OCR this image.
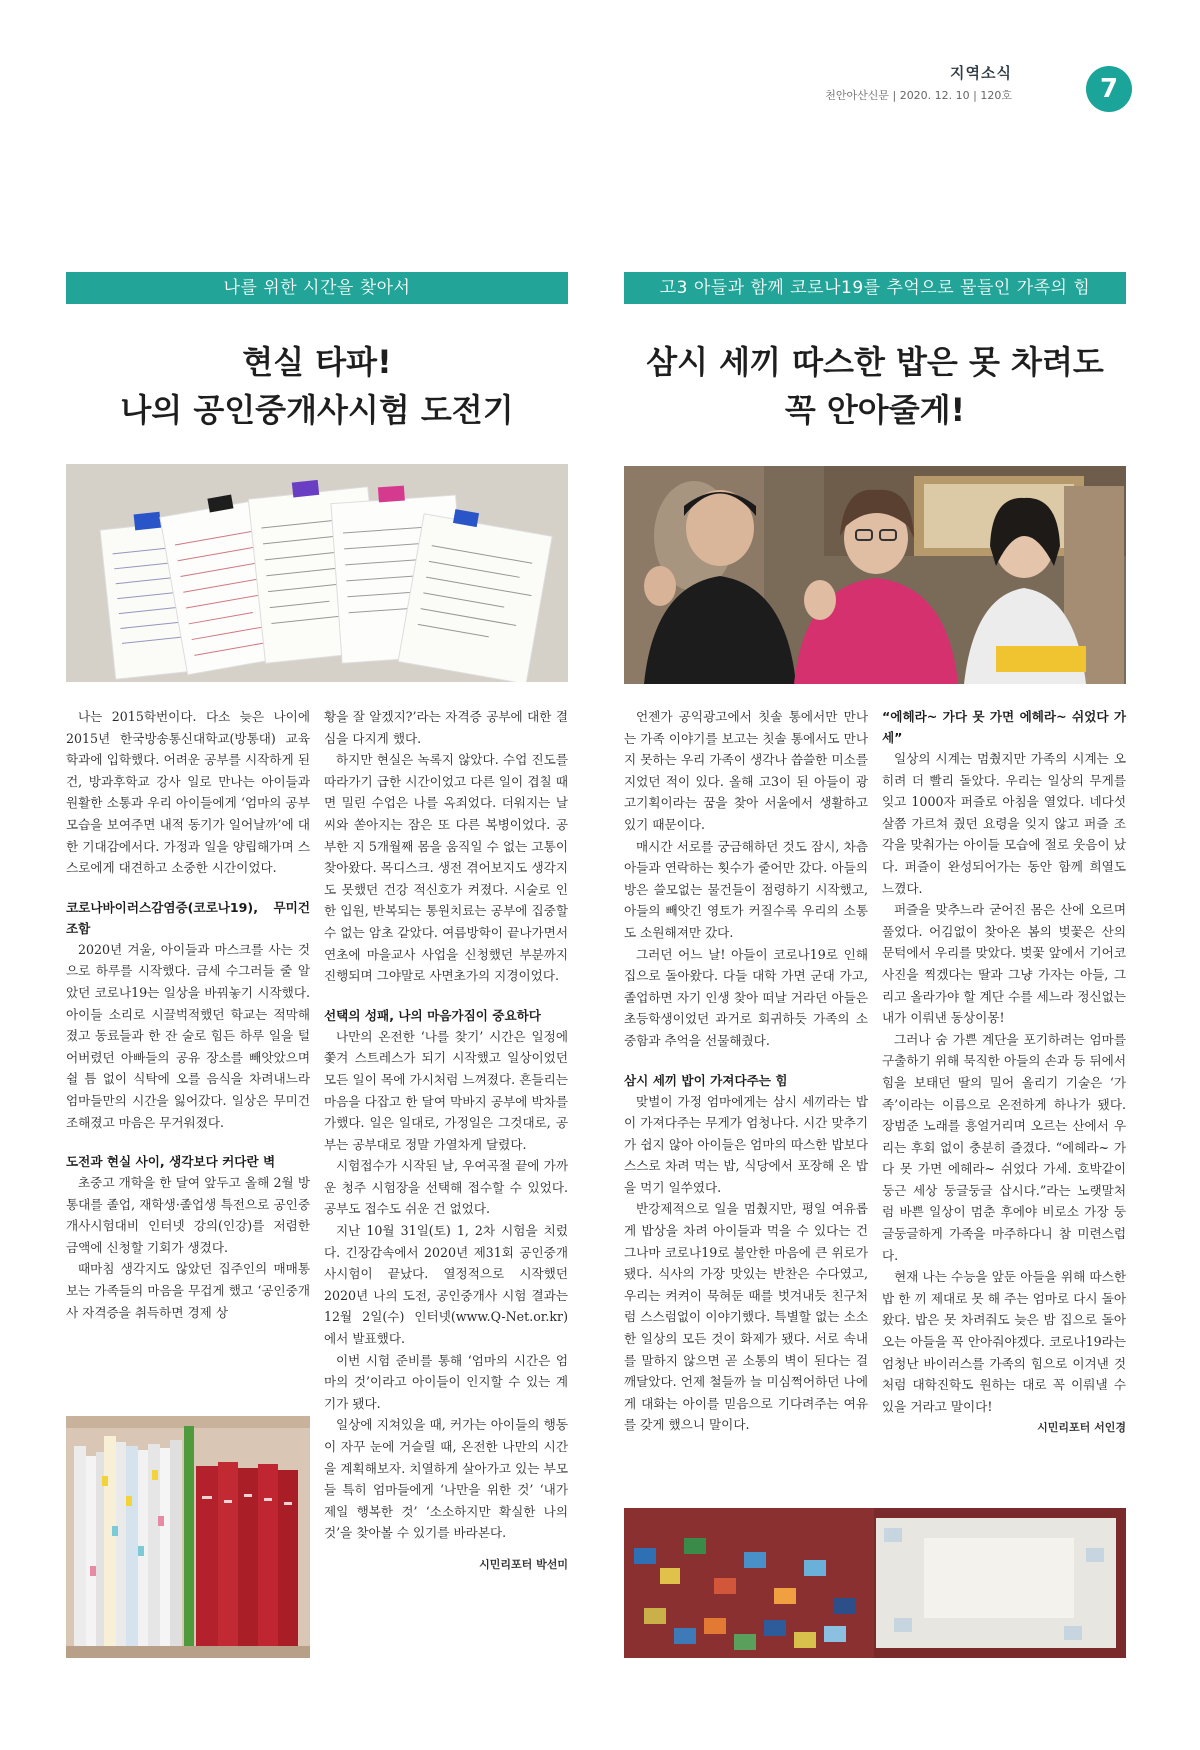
지역소식
천안아산신문 | 2020. 12. 10 | 120호	7
나를 위한 시간을 찾아서
현실 타파!
나의 공인중개사시험 도전기

나는 2015학번이다. 다소 늦은 나이에 2015년 한국방송통신대학교(방통대) 교육학과에 입학했다. 어려운 공부를 시작하게 된 건, 방과후학교 강사 일로 만나는 아이들과 원활한 소통과 우리 아이들에게 ‘엄마의 공부 모습을 보여주면 내적 동기가 일어날까’에 대한 기대감에서다. 가정과 일을 양립해가며 스스로에게 대견하고 소중한 시간이었다.

코로나바이러스감염증(코로나19), 무미건조함

2020년 겨울, 아이들과 마스크를 사는 것으로 하루를 시작했다. 금세 수그러들 줄 알았던 코로나19는 일상을 바꿔놓기 시작했다. 아이들 소리로 시끌벅적했던 학교는 적막해졌고 동료들과 한 잔 술로 힘든 하루 일을 털어버렸던 아빠들의 공유 장소를 빼앗았으며 쉴 틈 없이 식탁에 오를 음식을 차려내느라 엄마들만의 시간을 잃어갔다. 일상은 무미건조해졌고 마음은 무거워졌다.

도전과 현실 사이, 생각보다 커다란 벽

초중고 개학을 한 달여 앞두고 올해 2월 방통대를 졸업, 재학생·졸업생 특전으로 공인중개사시험대비 인터넷 강의(인강)를 저렴한 금액에 신청할 기회가 생겼다.

때마침 생각지도 않았던 집주인의 매매통보는 가족들의 마음을 무겁게 했고 ‘공인중개사 자격증을 취득하면 경제 상

황을 잘 알겠지?’라는 자격증 공부에 대한 결심을 다지게 했다.

하지만 현실은 녹록지 않았다. 수업 진도를 따라가기 급한 시간이었고 다른 일이 겹칠 때면 밀린 수업은 나를 옥죄었다. 더워지는 날씨와 쏟아지는 잠은 또 다른 복병이었다. 공부한 지 5개월째 몸을 움직일 수 없는 고통이 찾아왔다. 목디스크. 생전 겪어보지도 생각지도 못했던 건강 적신호가 켜졌다. 시술로 인한 입원, 반복되는 통원치료는 공부에 집중할 수 없는 암초 같았다. 여름방학이 끝나가면서 연초에 마을교사 사업을 신청했던 부분까지 진행되며 그야말로 사면초가의 지경이었다.

선택의 성패, 나의 마음가짐이 중요하다

나만의 온전한 ‘나를 찾기’ 시간은 일정에 쫓겨 스트레스가 되기 시작했고 일상이었던 모든 일이 목에 가시처럼 느껴졌다. 흔들리는 마음을 다잡고 한 달여 막바지 공부에 박차를 가했다. 일은 일대로, 가정일은 그것대로, 공부는 공부대로 정말 가열차게 달렸다.

시험접수가 시작된 날, 우여곡절 끝에 가까운 청주 시험장을 선택해 접수할 수 있었다. 공부도 접수도 쉬운 건 없었다.

지난 10월 31일(토) 1, 2차 시험을 치렀다. 긴장감속에서 2020년 제31회 공인중개사시험이 끝났다. 열정적으로 시작했던 2020년 나의 도전, 공인중개사 시험 결과는 12월 2일(수) 인터넷(www.Q-Net.or.kr)에서 발표했다.

이번 시험 준비를 통해 ‘엄마의 시간은 엄마의 것’이라고 아이들이 인지할 수 있는 계기가 됐다.

일상에 지쳐있을 때, 커가는 아이들의 행동이 자꾸 눈에 거슬릴 때, 온전한 나만의 시간을 계획해보자. 치열하게 살아가고 있는 부모들 특히 엄마들에게 ‘나만을 위한 것’ ‘내가 제일 행복한 것’ ‘소소하지만 확실한 나의 것’을 찾아볼 수 있기를 바라본다.

시민리포터 박선미
고3 아들과 함께 코로나19를 추억으로 물들인 가족의 힘
삼시 세끼 따스한 밥은 못 차려도
꼭 안아줄게!

언젠가 공익광고에서 칫솔 통에서만 만나는 가족 이야기를 보고는 칫솔 통에서도 만나지 못하는 우리 가족이 생각나 씁쓸한 미소를 지었던 적이 있다. 올해 고3이 된 아들이 광고기획이라는 꿈을 찾아 서울에서 생활하고 있기 때문이다.

매시간 서로를 궁금해하던 것도 잠시, 차츰 아들과 연락하는 횟수가 줄어만 갔다. 아들의 방은 쓸모없는 물건들이 점령하기 시작했고, 아들의 빼앗긴 영토가 커질수록 우리의 소통도 소원해져만 갔다.

그러던 어느 날! 아들이 코로나19로 인해 집으로 돌아왔다. 다들 대학 가면 군대 가고, 졸업하면 자기 인생 찾아 떠날 거라던 아들은 초등학생이었던 과거로 회귀하듯 가족의 소중함과 추억을 선물해줬다.

삼시 세끼 밥이 가져다주는 힘

맞벌이 가정 엄마에게는 삼시 세끼라는 밥이 가져다주는 무게가 엄청나다. 시간 맞추기가 쉽지 않아 아이들은 엄마의 따스한 밥보다 스스로 차려 먹는 밥, 식당에서 포장해 온 밥을 먹기 일쑤였다.

반강제적으로 일을 멈췄지만, 평일 여유롭게 밥상을 차려 아이들과 먹을 수 있다는 건 그나마 코로나19로 불안한 마음에 큰 위로가 됐다. 식사의 가장 맛있는 반찬은 수다였고, 우리는 켜켜이 묵혀둔 때를 벗겨내듯 친구처럼 스스럼없이 이야기했다. 특별할 없는 소소한 일상의 모든 것이 화제가 됐다. 서로 속내를 말하지 않으면 곧 소통의 벽이 된다는 걸 깨달았다. 언제 철들까 늘 미심쩍어하던 나에게 대화는 아이를 믿음으로 기다려주는 여유를 갖게 했으니 말이다.

“에헤라~ 가다 못 가면 에헤라~ 쉬었다 가세”

일상의 시계는 멈췄지만 가족의 시계는 오히려 더 빨리 돌았다. 우리는 일상의 무게를 잊고 1000자 퍼즐로 아침을 열었다. 네다섯 살쯤 가르쳐 줬던 요령을 잊지 않고 퍼즐 조각을 맞춰가는 아이들 모습에 절로 웃음이 났다. 퍼즐이 완성되어가는 동안 함께 희열도 느꼈다.

퍼즐을 맞추느라 굳어진 몸은 산에 오르며 풀었다. 어김없이 찾아온 봄의 벚꽃은 산의 문턱에서 우리를 맞았다. 벚꽃 앞에서 기어코 사진을 찍겠다는 딸과 그냥 가자는 아들, 그리고 올라가야 할 계단 수를 세느라 정신없는 내가 이뤄낸 동상이몽!

그러나 숨 가쁜 계단을 포기하려는 엄마를 구출하기 위해 묵직한 아들의 손과 등 뒤에서 힘을 보태던 딸의 밀어 올리기 기술은 ‘가족’이라는 이름으로 온전하게 하나가 됐다. 장범준 노래를 흥얼거리며 오르는 산에서 우리는 후회 없이 충분히 즐겼다. “에헤라~ 가다 못 가면 에헤라~ 쉬었다 가세. 호박같이 둥근 세상 둥글둥글 삽시다.”라는 노랫말처럼 바쁜 일상이 멈춘 후에야 비로소 가장 둥글둥글하게 가족을 마주하다니 참 미련스럽다.

현재 나는 수능을 앞둔 아들을 위해 따스한 밥 한 끼 제대로 못 해 주는 엄마로 다시 돌아왔다. 밥은 못 차려줘도 늦은 밤 집으로 돌아오는 아들을 꼭 안아줘야겠다. 코로나19라는 엄청난 바이러스를 가족의 힘으로 이겨낸 것처럼 대학진학도 원하는 대로 꼭 이뤄낼 수 있을 거라고 말이다!

시민리포터 서인경
